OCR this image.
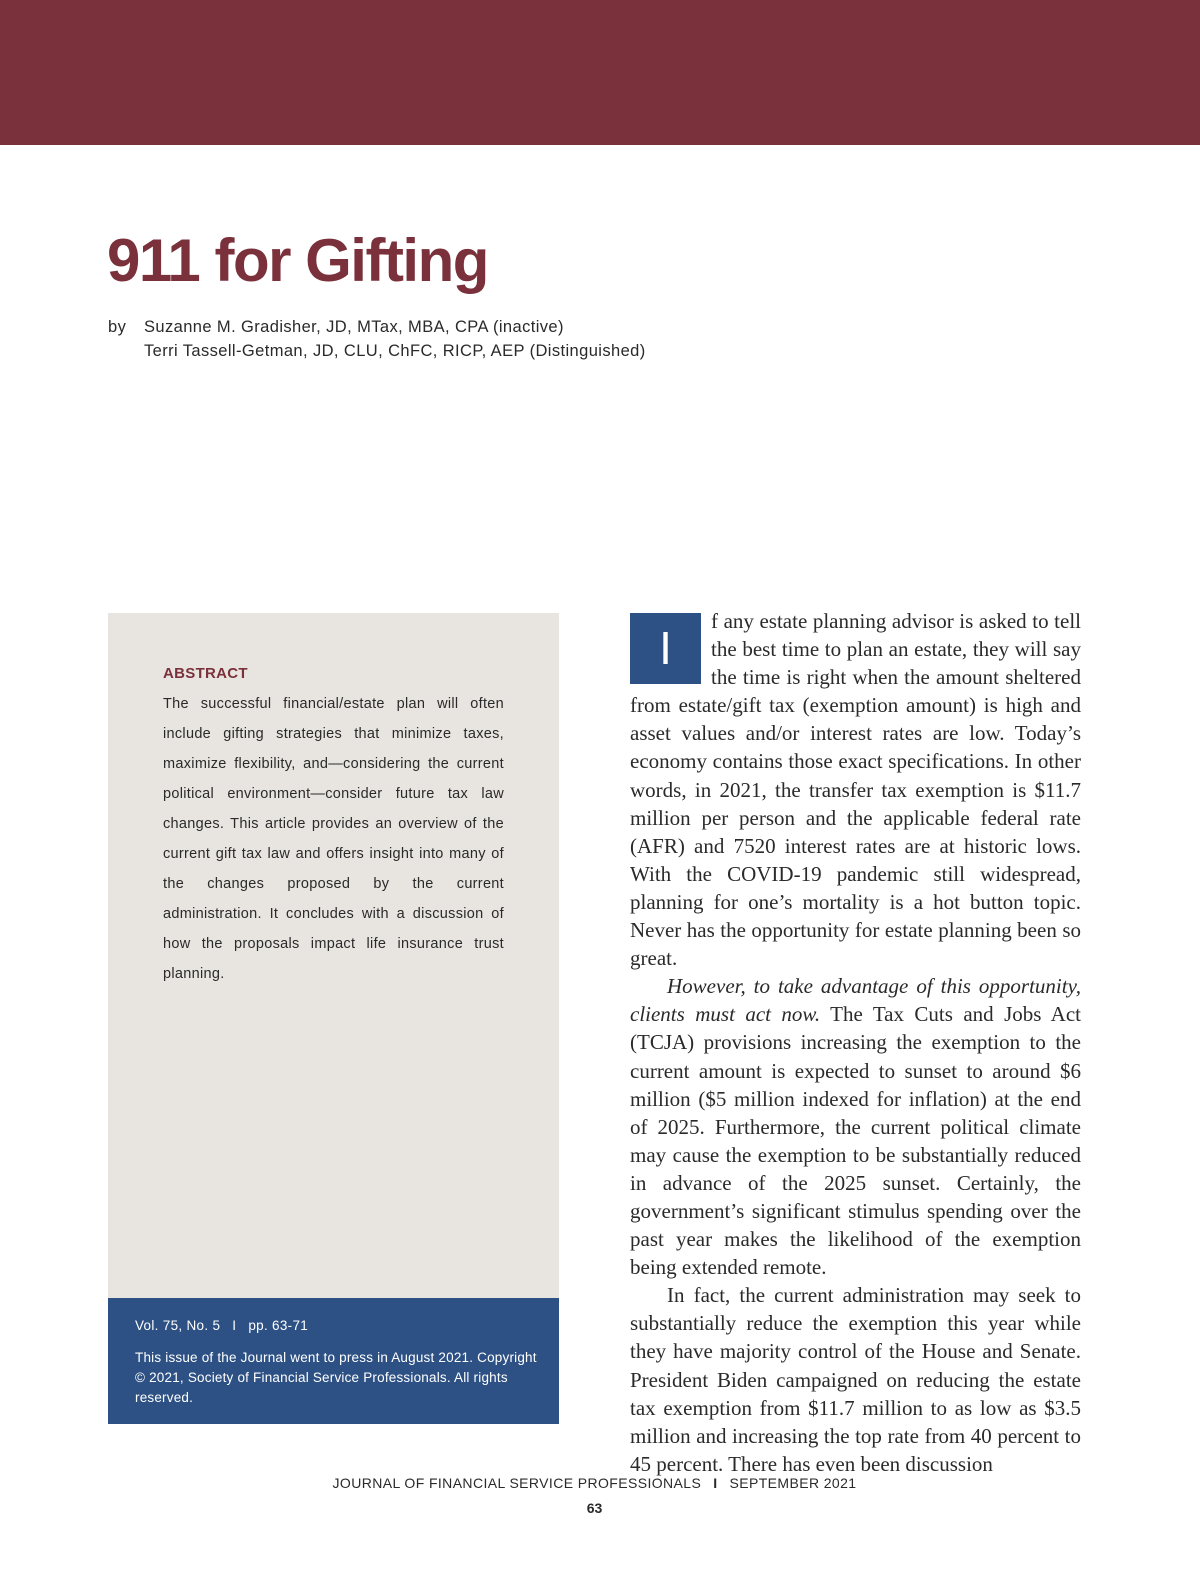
911 for Gifting
by Suzanne M. Gradisher, JD, MTax, MBA, CPA (inactive)
Terri Tassell-Getman, JD, CLU, ChFC, RICP, AEP (Distinguished)
ABSTRACT

The successful financial/estate plan will often include gifting strategies that minimize taxes, maximize flexibility, and—considering the current political environment—consider future tax law changes. This article provides an overview of the current gift tax law and offers insight into many of the changes proposed by the current administration. It concludes with a discussion of how the proposals impact life insurance trust planning.

Vol. 75, No. 5 I pp. 63-71

This issue of the Journal went to press in August 2021. Copyright © 2021, Society of Financial Service Professionals. All rights reserved.

I
f any estate planning advisor is asked to tell the best time to plan an estate, they will say the time is right when the amount sheltered from estate/gift tax (exemption amount) is high and asset values and/or interest rates are low. Today’s economy contains those exact specifications. In other words, in 2021, the transfer tax exemption is $11.7 million per person and the applicable federal rate (AFR) and 7520 interest rates are at historic lows. With the COVID-19 pandemic still widespread, planning for one’s mortality is a hot button topic. Never has the opportunity for estate planning been so great.

However, to take advantage of this opportunity, clients must act now. The Tax Cuts and Jobs Act (TCJA) provisions increasing the exemption to the current amount is expected to sunset to around $6 million ($5 million indexed for inflation) at the end of 2025. Furthermore, the current political climate may cause the exemption to be substantially reduced in advance of the 2025 sunset. Certainly, the government’s significant stimulus spending over the past year makes the likelihood of the exemption being extended remote.

In fact, the current administration may seek to substantially reduce the exemption this year while they have majority control of the House and Senate. President Biden campaigned on reducing the estate tax exemption from $11.7 million to as low as $3.5 million and increasing the top rate from 40 percent to 45 percent. There has even been discussion

JOURNAL OF FINANCIAL SERVICE PROFESSIONALS I SEPTEMBER 2021
63
